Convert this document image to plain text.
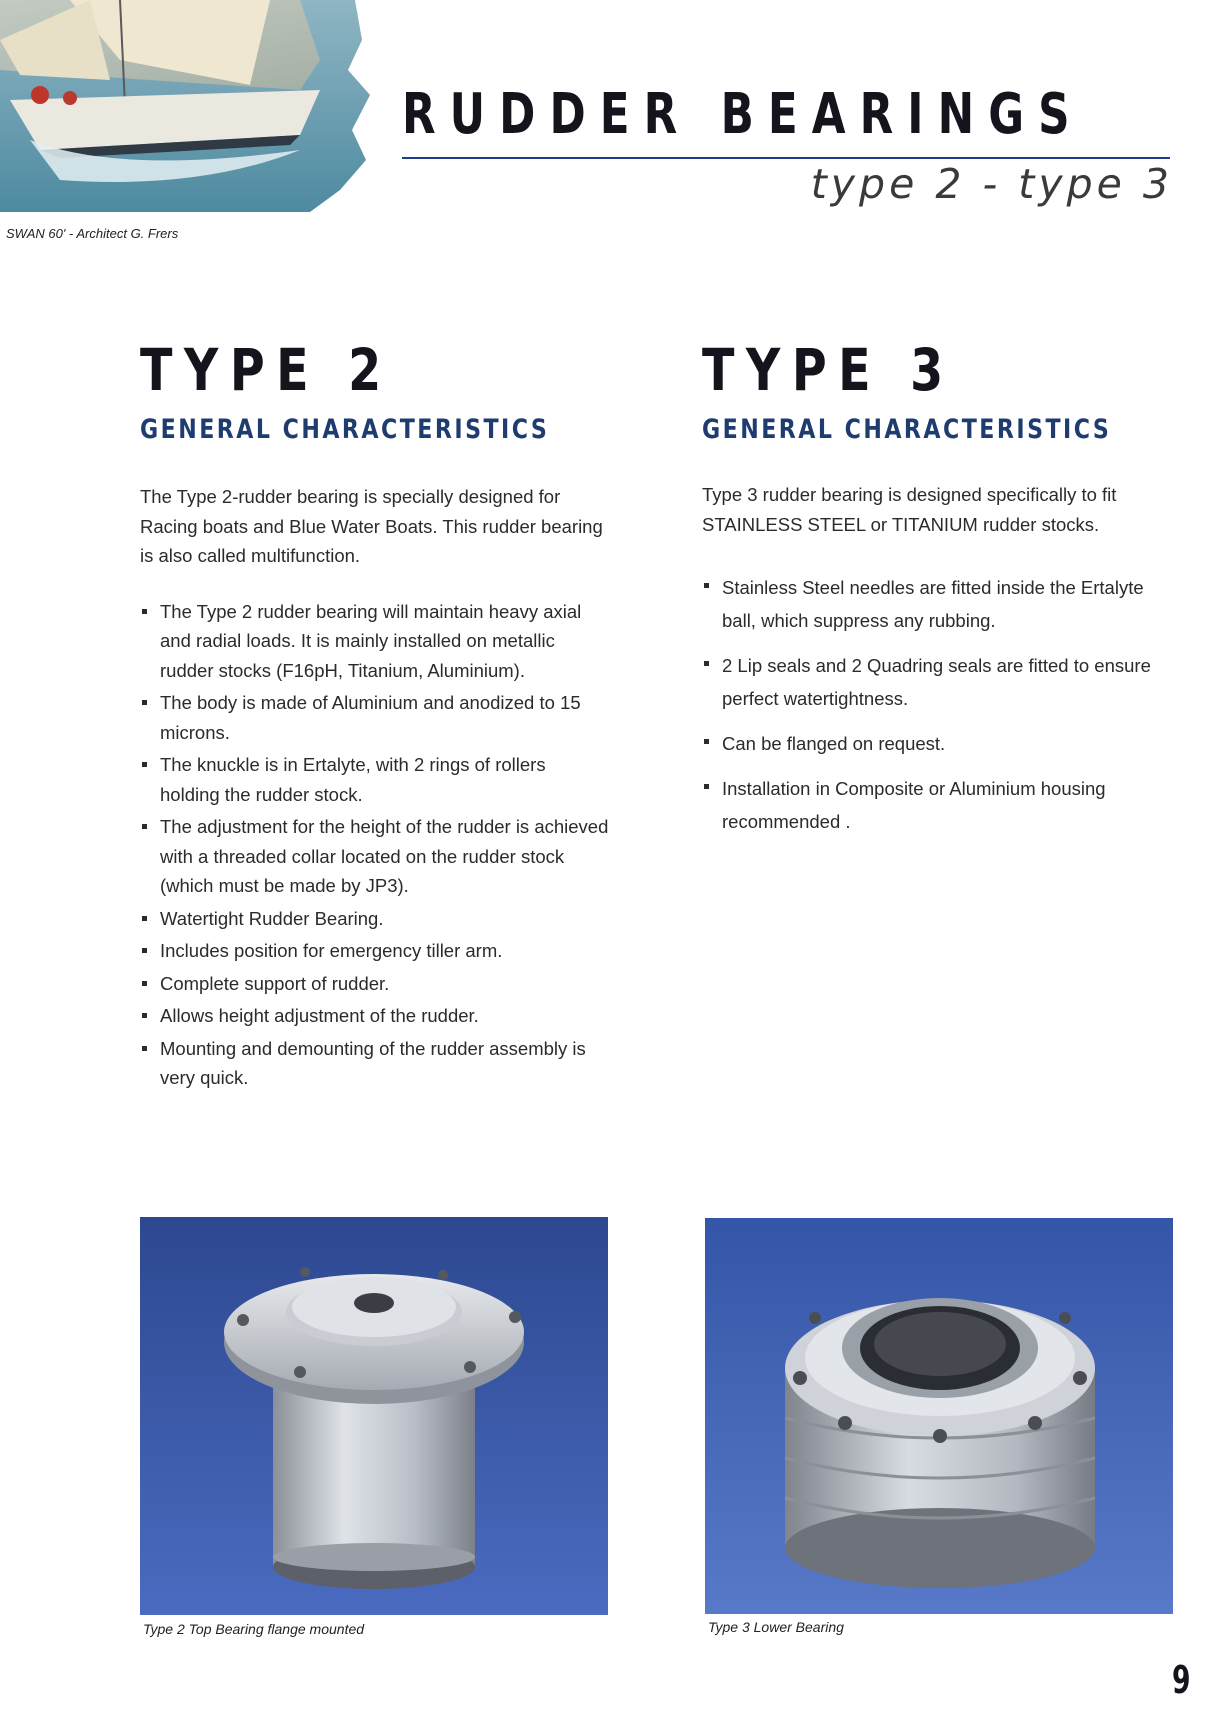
SWAN 60' - Architect G. Frers
RUDDER BEARINGS
type 2 - type 3
TYPE 2
GENERAL CHARACTERISTICS

The Type 2-rudder bearing is specially designed for Racing boats and Blue Water Boats. This rudder bearing is also called multifunction.

The Type 2 rudder bearing will maintain heavy axial and radial loads. It is mainly installed on metallic rudder stocks (F16pH, Titanium, Aluminium).
The body is made of Aluminium and anodized to 15 microns.
The knuckle is in Ertalyte, with 2 rings of rollers holding the rudder stock.
The adjustment for the height of the rudder is achieved with a threaded collar located on the rudder stock (which must be made by JP3).
Watertight Rudder Bearing.
Includes position for emergency tiller arm.
Complete support of rudder.
Allows height adjustment of the rudder.
Mounting and demounting of the rudder assembly is very quick.
TYPE 3
GENERAL CHARACTERISTICS

Type 3 rudder bearing is designed specifically to fit STAINLESS STEEL or TITANIUM rudder stocks.

Stainless Steel needles are fitted inside the Ertalyte ball, which suppress any rubbing.
2 Lip seals and 2 Quadring seals are fitted to ensure perfect watertightness.
Can be flanged on request.
Installation in Composite or Aluminium housing recommended .
Type 2 Top Bearing flange mounted	Type 3 Lower Bearing
9
